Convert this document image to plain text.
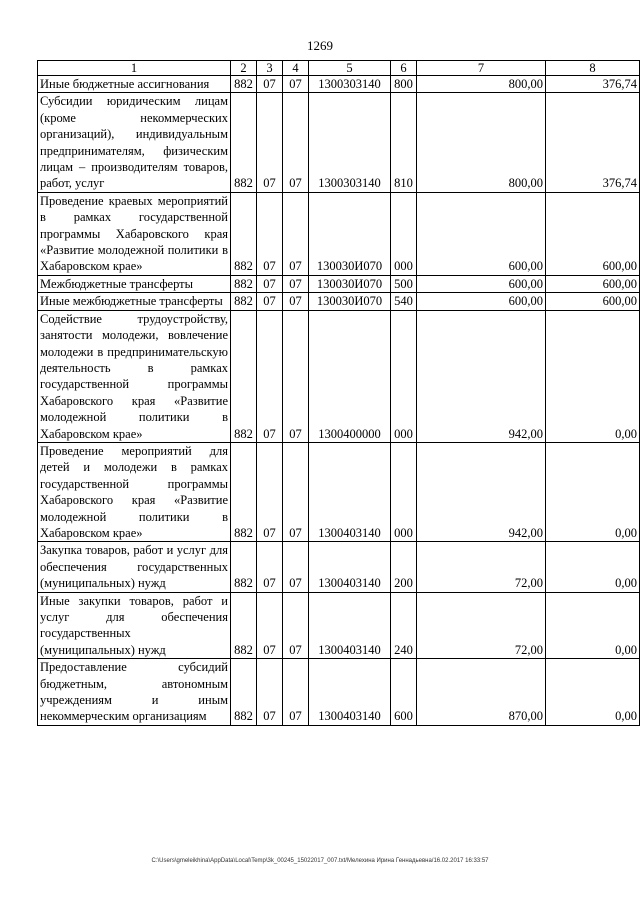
1269
1	2	3	4	5	6	7	8

Иные бюджетные ассигнования	882	07	07	1300303140	800	800,00	376,74

Субсидии юридическим лицам (кроме некоммерческих организаций), индивидуальным предпринимателям, физическим лицам – производителям товаров, работ, услуг	882	07	07	1300303140	810	800,00	376,74

Проведение краевых мероприятий в рамках государственной программы Хабаровского края «Развитие молодежной политики в Хабаровском крае»	882	07	07	130030И070	000	600,00	600,00

Межбюджетные трансферты	882	07	07	130030И070	500	600,00	600,00

Иные межбюджетные трансферты	882	07	07	130030И070	540	600,00	600,00

Содействие трудоустройству, занятости молодежи, вовлечение молодежи в предпринимательскую деятельность в рамках государственной программы Хабаровского края «Развитие молодежной политики в Хабаровском крае»	882	07	07	1300400000	000	942,00	0,00

Проведение мероприятий для детей и молодежи в рамках государственной программы Хабаровского края «Развитие молодежной политики в Хабаровском крае»	882	07	07	1300403140	000	942,00	0,00

Закупка товаров, работ и услуг для обеспечения государственных (муниципальных) нужд	882	07	07	1300403140	200	72,00	0,00

Иные закупки товаров, работ и услуг для обеспечения государственных (муниципальных) нужд	882	07	07	1300403140	240	72,00	0,00

Предоставление субсидий бюджетным, автономным учреждениям и иным некоммерческим организациям	882	07	07	1300403140	600	870,00	0,00
C:\Users\gmeleikhina\AppData\Local\Temp\3k_00245_15022017_007.txt/Мелехина Ирина Геннадьевна/16.02.2017 16:33:57
